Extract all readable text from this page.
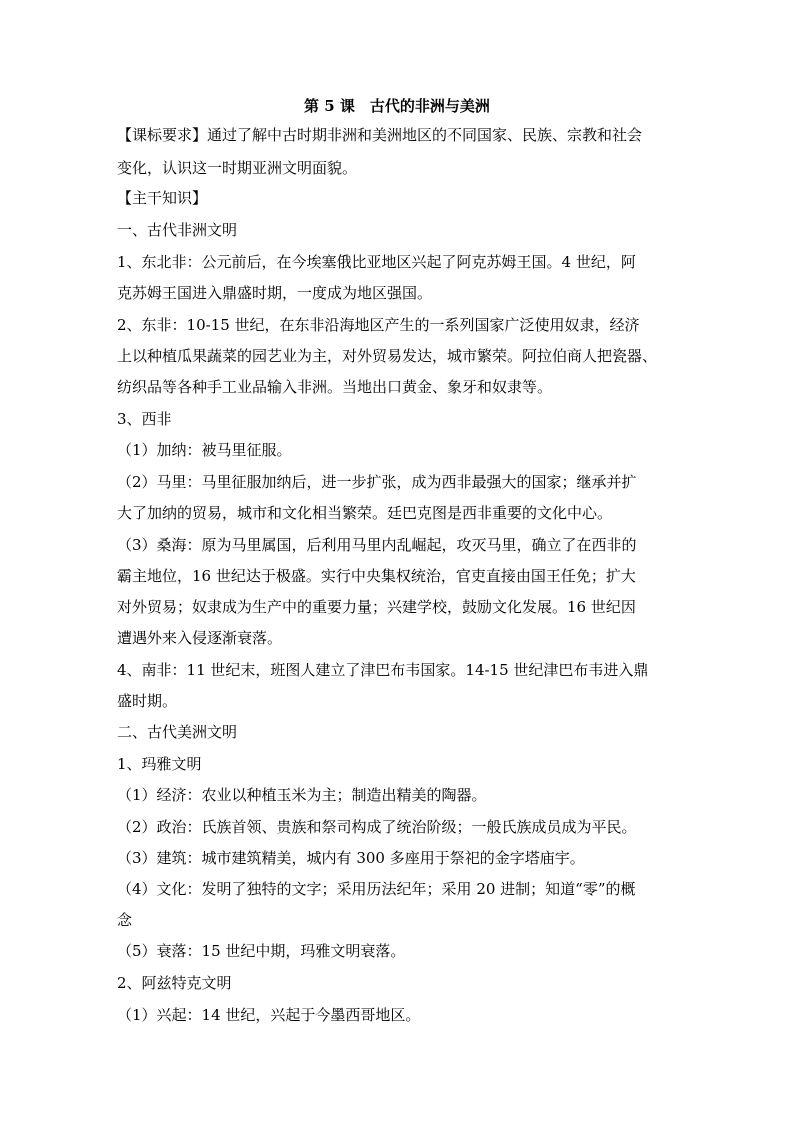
第 5 课　古代的非洲与美洲
【课标要求】通过了解中古时期非洲和美洲地区的不同国家、民族、宗教和社会
变化，认识这一时期亚洲文明面貌。
【主干知识】
一、古代非洲文明
1、东北非：公元前后，在今埃塞俄比亚地区兴起了阿克苏姆王国。4 世纪，阿
克苏姆王国进入鼎盛时期，一度成为地区强国。
2、东非：10-15 世纪，在东非沿海地区产生的一系列国家广泛使用奴隶，经济
上以种植瓜果蔬菜的园艺业为主，对外贸易发达，城市繁荣。阿拉伯商人把瓷器、
纺织品等各种手工业品输入非洲。当地出口黄金、象牙和奴隶等。
3、西非
（1）加纳：被马里征服。
（2）马里：马里征服加纳后，进一步扩张，成为西非最强大的国家；继承并扩
大了加纳的贸易，城市和文化相当繁荣。廷巴克图是西非重要的文化中心。
（3）桑海：原为马里属国，后利用马里内乱崛起，攻灭马里，确立了在西非的
霸主地位，16 世纪达于极盛。实行中央集权统治，官吏直接由国王任免；扩大
对外贸易；奴隶成为生产中的重要力量；兴建学校，鼓励文化发展。16 世纪因
遭遇外来入侵逐渐衰落。
4、南非：11 世纪末，班图人建立了津巴布韦国家。14-15 世纪津巴布韦进入鼎
盛时期。
二、古代美洲文明
1、玛雅文明
（1）经济：农业以种植玉米为主；制造出精美的陶器。
（2）政治：氏族首领、贵族和祭司构成了统治阶级；一般氏族成员成为平民。
（3）建筑：城市建筑精美，城内有 300 多座用于祭祀的金字塔庙宇。
（4）文化：发明了独特的文字；采用历法纪年；采用 20 进制；知道“零”的概
念
（5）衰落：15 世纪中期，玛雅文明衰落。
2、阿兹特克文明
（1）兴起：14 世纪，兴起于今墨西哥地区。
